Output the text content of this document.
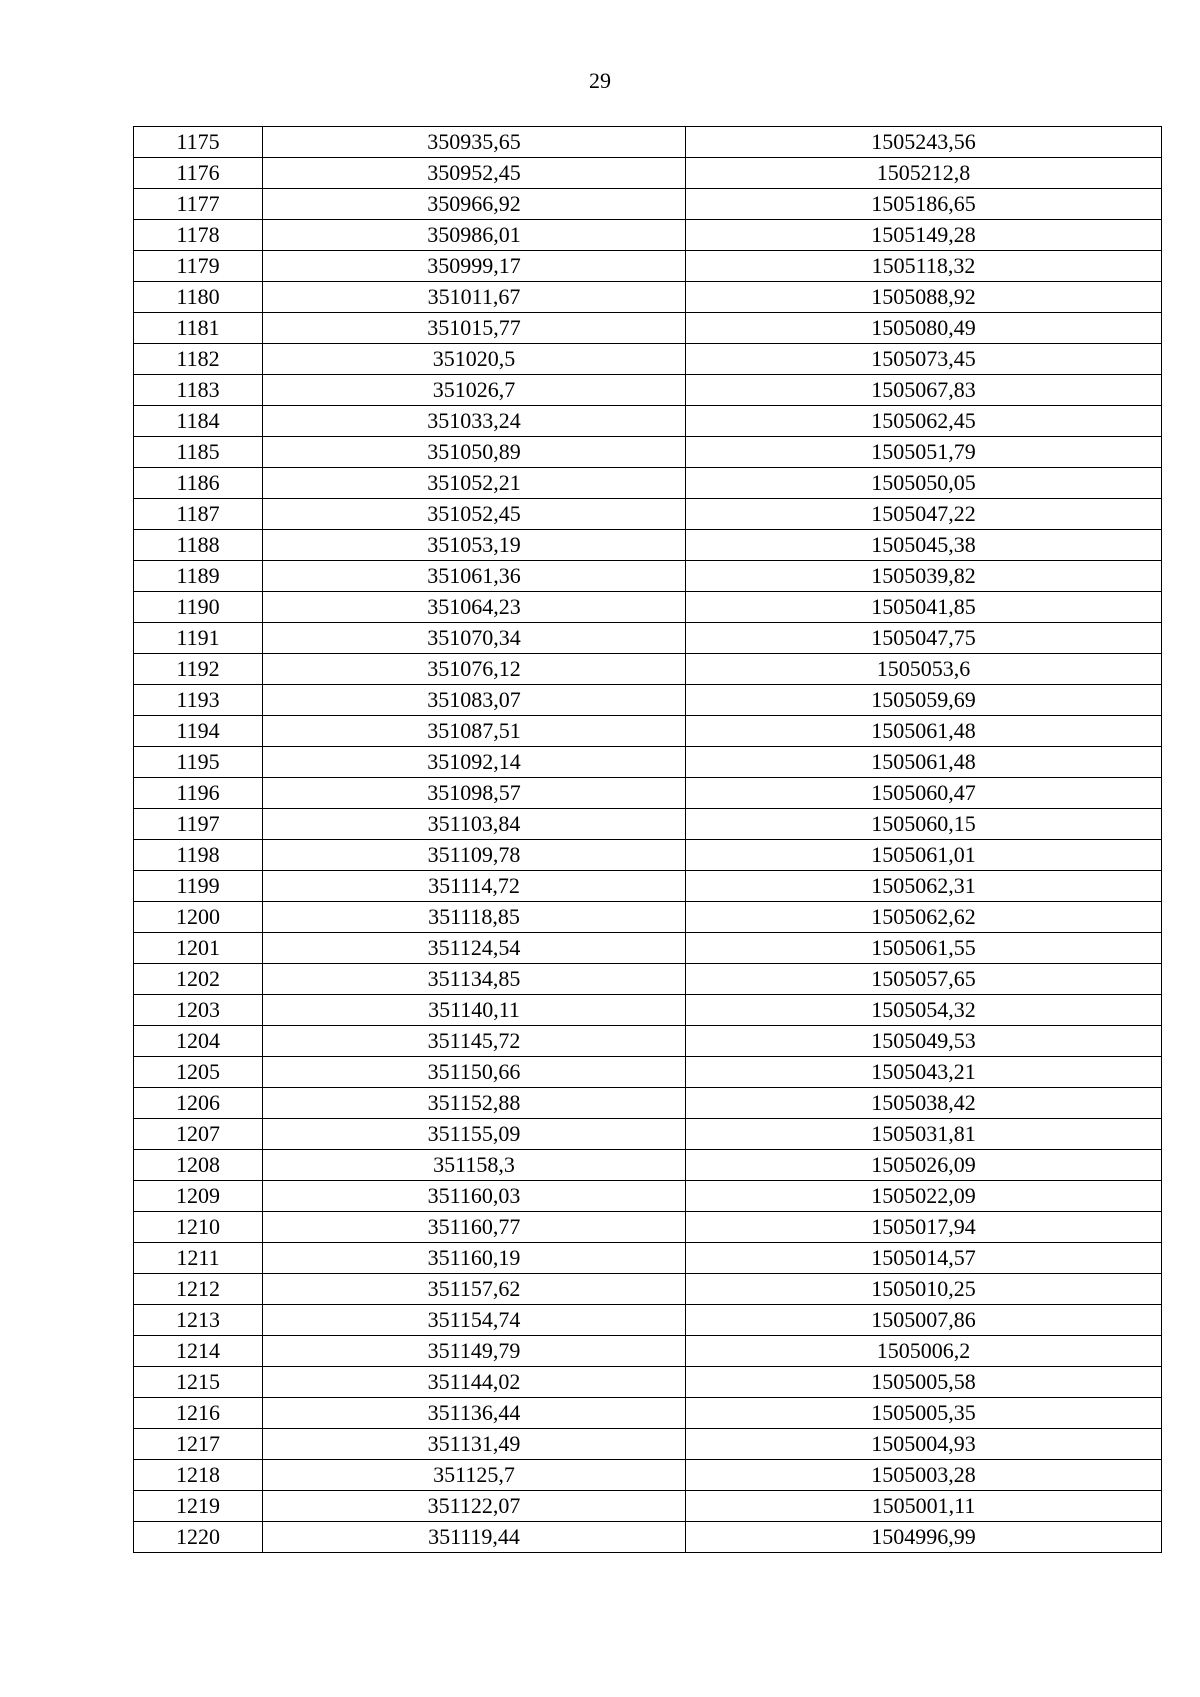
29
1175	350935,65	1505243,56
1176	350952,45	1505212,8
1177	350966,92	1505186,65
1178	350986,01	1505149,28
1179	350999,17	1505118,32
1180	351011,67	1505088,92
1181	351015,77	1505080,49
1182	351020,5	1505073,45
1183	351026,7	1505067,83
1184	351033,24	1505062,45
1185	351050,89	1505051,79
1186	351052,21	1505050,05
1187	351052,45	1505047,22
1188	351053,19	1505045,38
1189	351061,36	1505039,82
1190	351064,23	1505041,85
1191	351070,34	1505047,75
1192	351076,12	1505053,6
1193	351083,07	1505059,69
1194	351087,51	1505061,48
1195	351092,14	1505061,48
1196	351098,57	1505060,47
1197	351103,84	1505060,15
1198	351109,78	1505061,01
1199	351114,72	1505062,31
1200	351118,85	1505062,62
1201	351124,54	1505061,55
1202	351134,85	1505057,65
1203	351140,11	1505054,32
1204	351145,72	1505049,53
1205	351150,66	1505043,21
1206	351152,88	1505038,42
1207	351155,09	1505031,81
1208	351158,3	1505026,09
1209	351160,03	1505022,09
1210	351160,77	1505017,94
1211	351160,19	1505014,57
1212	351157,62	1505010,25
1213	351154,74	1505007,86
1214	351149,79	1505006,2
1215	351144,02	1505005,58
1216	351136,44	1505005,35
1217	351131,49	1505004,93
1218	351125,7	1505003,28
1219	351122,07	1505001,11
1220	351119,44	1504996,99
